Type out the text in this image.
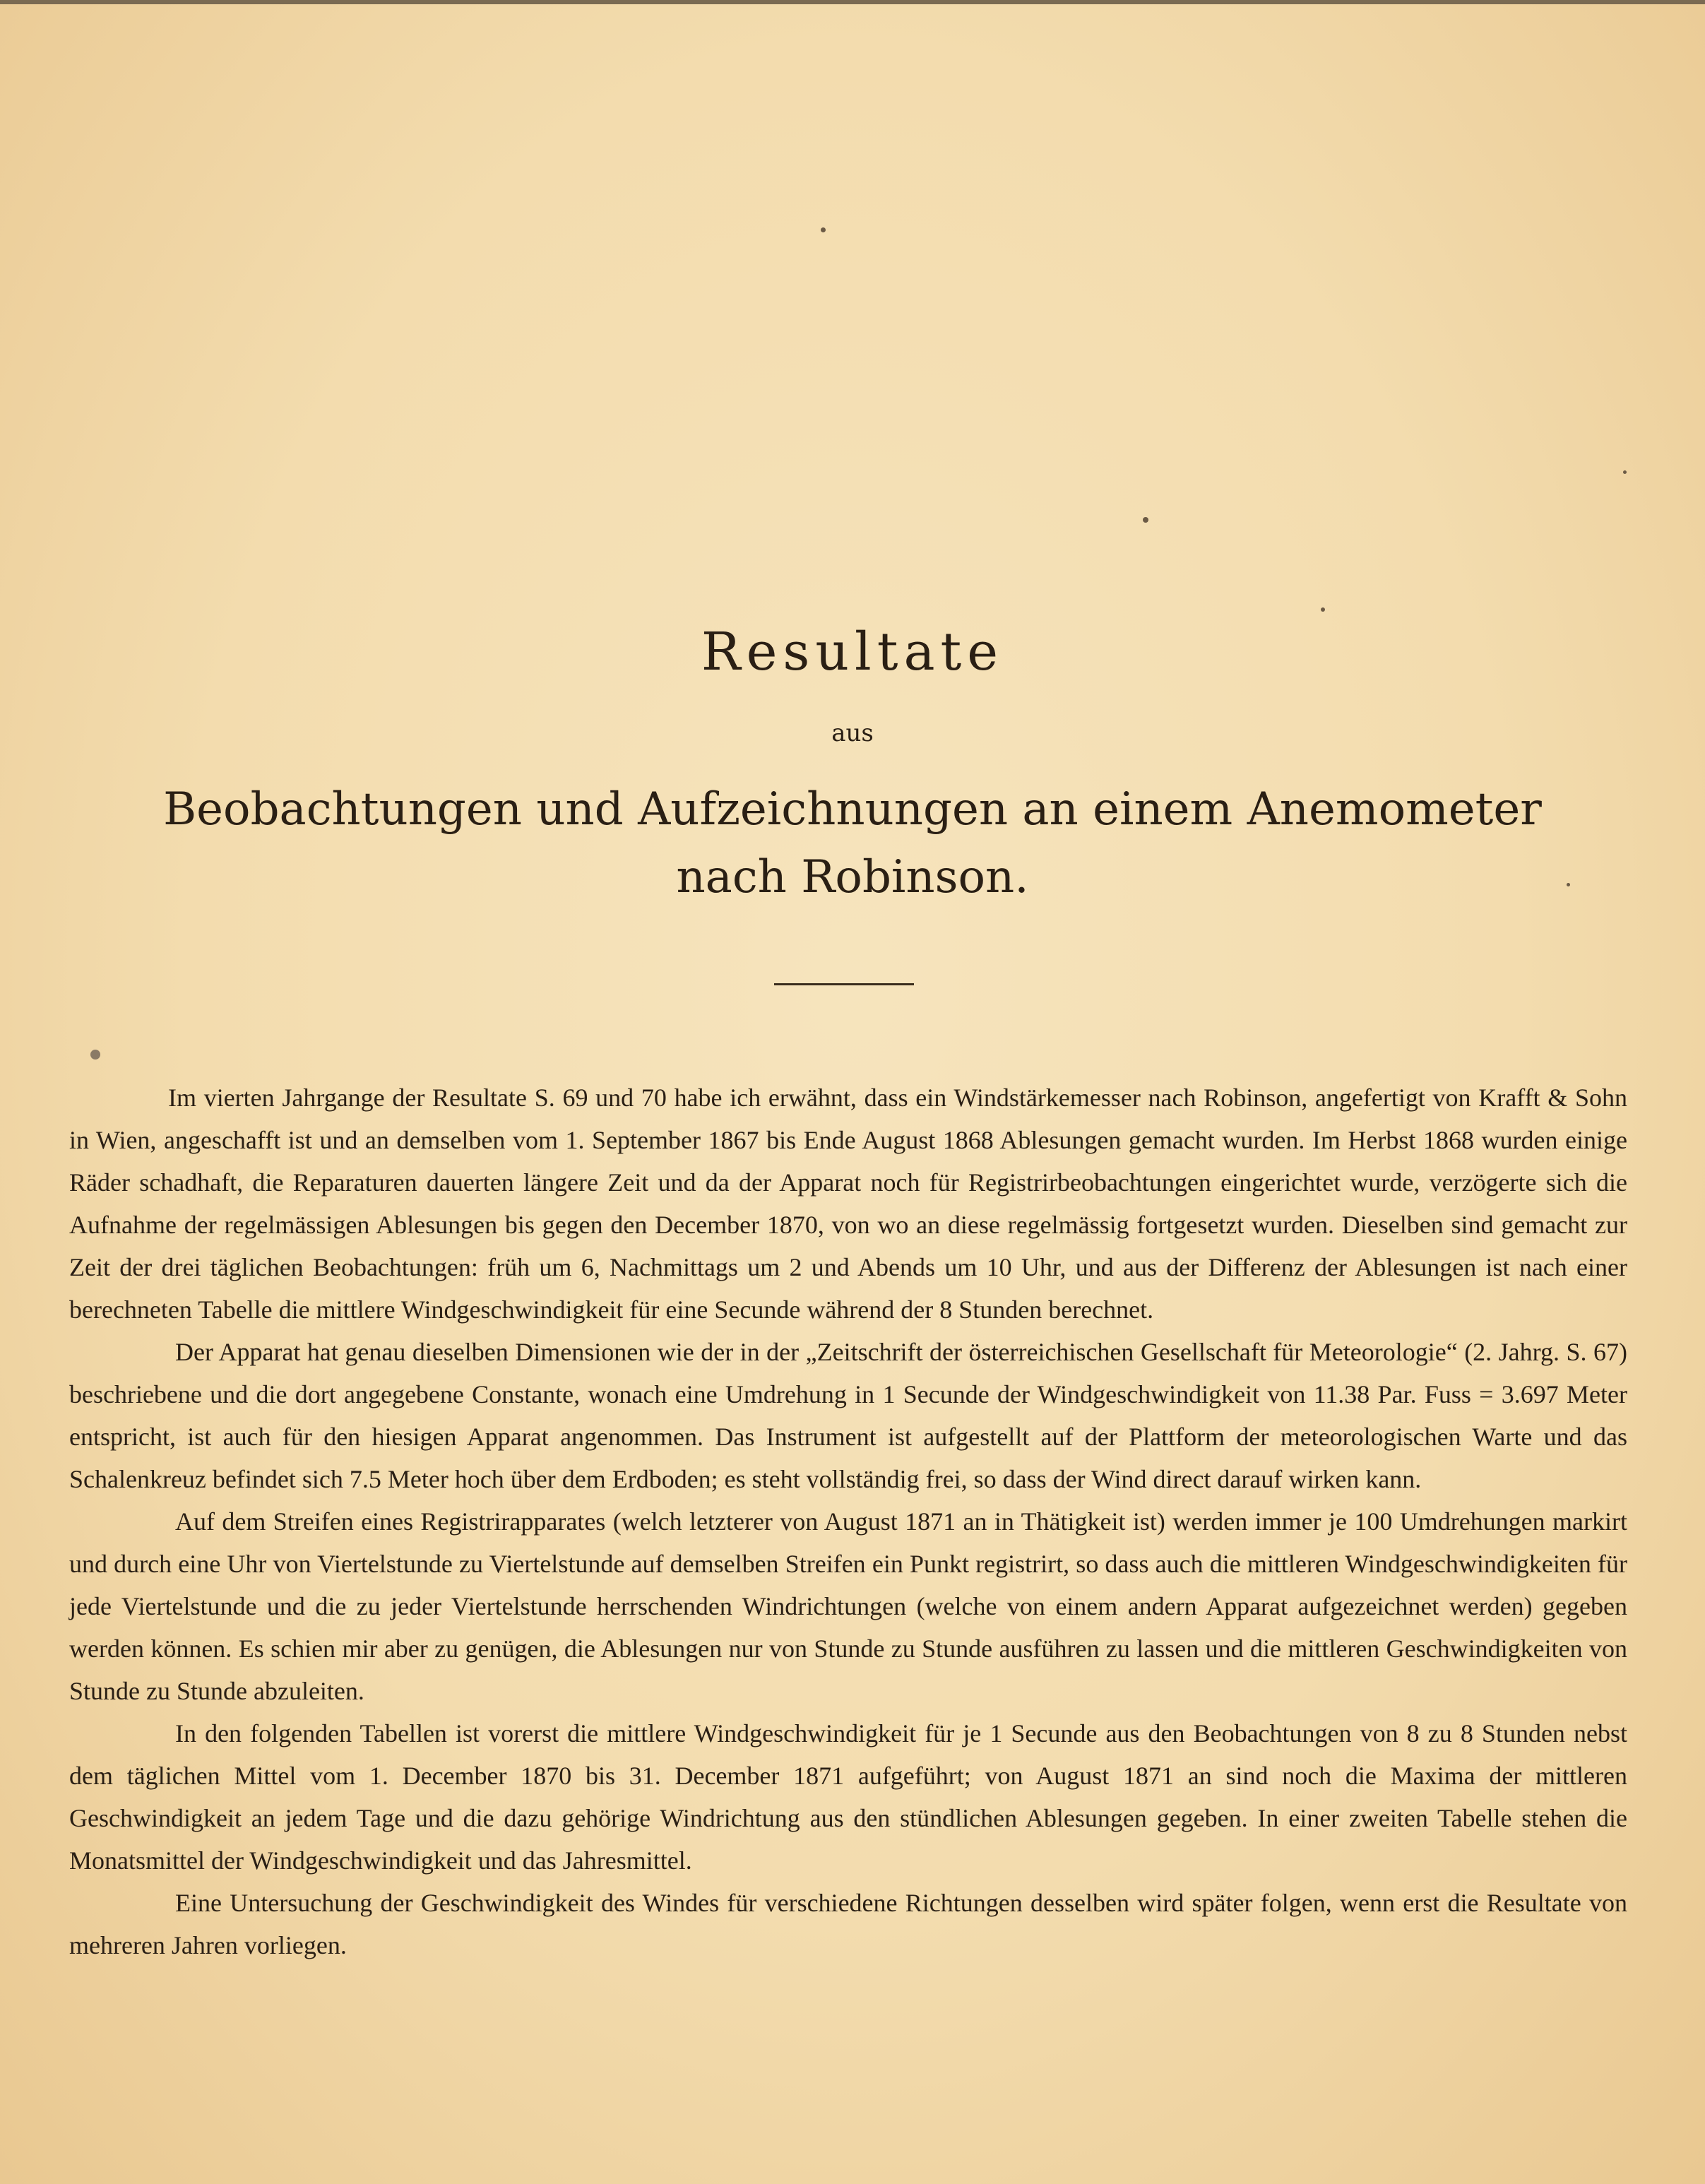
Resultate
aus
Beobachtungen und Aufzeichnungen an einem Anemometer
nach Robinson.

Im vierten Jahrgange der Resultate S. 69 und 70 habe ich erwähnt, dass ein Windstärkemesser nach Robinson, angefertigt von Krafft & Sohn in Wien, angeschafft ist und an demselben vom 1. September 1867 bis Ende August 1868 Ablesungen gemacht wurden. Im Herbst 1868 wurden einige Räder schadhaft, die Reparaturen dauerten längere Zeit und da der Apparat noch für Registrirbeobachtungen eingerichtet wurde, verzögerte sich die Aufnahme der regelmässigen Ablesungen bis gegen den December 1870, von wo an diese regelmässig fortgesetzt wurden. Dieselben sind gemacht zur Zeit der drei täglichen Beobachtungen: früh um 6, Nachmittags um 2 und Abends um 10 Uhr, und aus der Differenz der Ablesungen ist nach einer berechneten Tabelle die mittlere Windgeschwindigkeit für eine Secunde während der 8 Stunden berechnet.

Der Apparat hat genau dieselben Dimensionen wie der in der „Zeitschrift der österreichischen Gesellschaft für Meteorologie“ (2. Jahrg. S. 67) beschriebene und die dort angegebene Constante, wonach eine Umdrehung in 1 Secunde der Windgeschwindigkeit von 11.38 Par. Fuss = 3.697 Meter entspricht, ist auch für den hiesigen Apparat angenommen. Das Instrument ist aufgestellt auf der Plattform der meteorologischen Warte und das Schalenkreuz befindet sich 7.5 Meter hoch über dem Erdboden; es steht vollständig frei, so dass der Wind direct darauf wirken kann.

Auf dem Streifen eines Registrirapparates (welch letzterer von August 1871 an in Thätigkeit ist) werden immer je 100 Umdrehungen markirt und durch eine Uhr von Viertelstunde zu Viertelstunde auf demselben Streifen ein Punkt registrirt, so dass auch die mittleren Windgeschwindigkeiten für jede Viertelstunde und die zu jeder Viertelstunde herrschenden Windrichtungen (welche von einem andern Apparat aufgezeichnet werden) gegeben werden können. Es schien mir aber zu genügen, die Ablesungen nur von Stunde zu Stunde ausführen zu lassen und die mittleren Geschwindigkeiten von Stunde zu Stunde abzuleiten.

In den folgenden Tabellen ist vorerst die mittlere Windgeschwindigkeit für je 1 Secunde aus den Beobachtungen von 8 zu 8 Stunden nebst dem täglichen Mittel vom 1. December 1870 bis 31. December 1871 aufgeführt; von August 1871 an sind noch die Maxima der mittleren Geschwindigkeit an jedem Tage und die dazu gehörige Windrichtung aus den stündlichen Ablesungen gegeben. In einer zweiten Tabelle stehen die Monatsmittel der Windgeschwindigkeit und das Jahresmittel.

Eine Untersuchung der Geschwindigkeit des Windes für verschiedene Richtungen desselben wird später folgen, wenn erst die Resultate von mehreren Jahren vorliegen.
